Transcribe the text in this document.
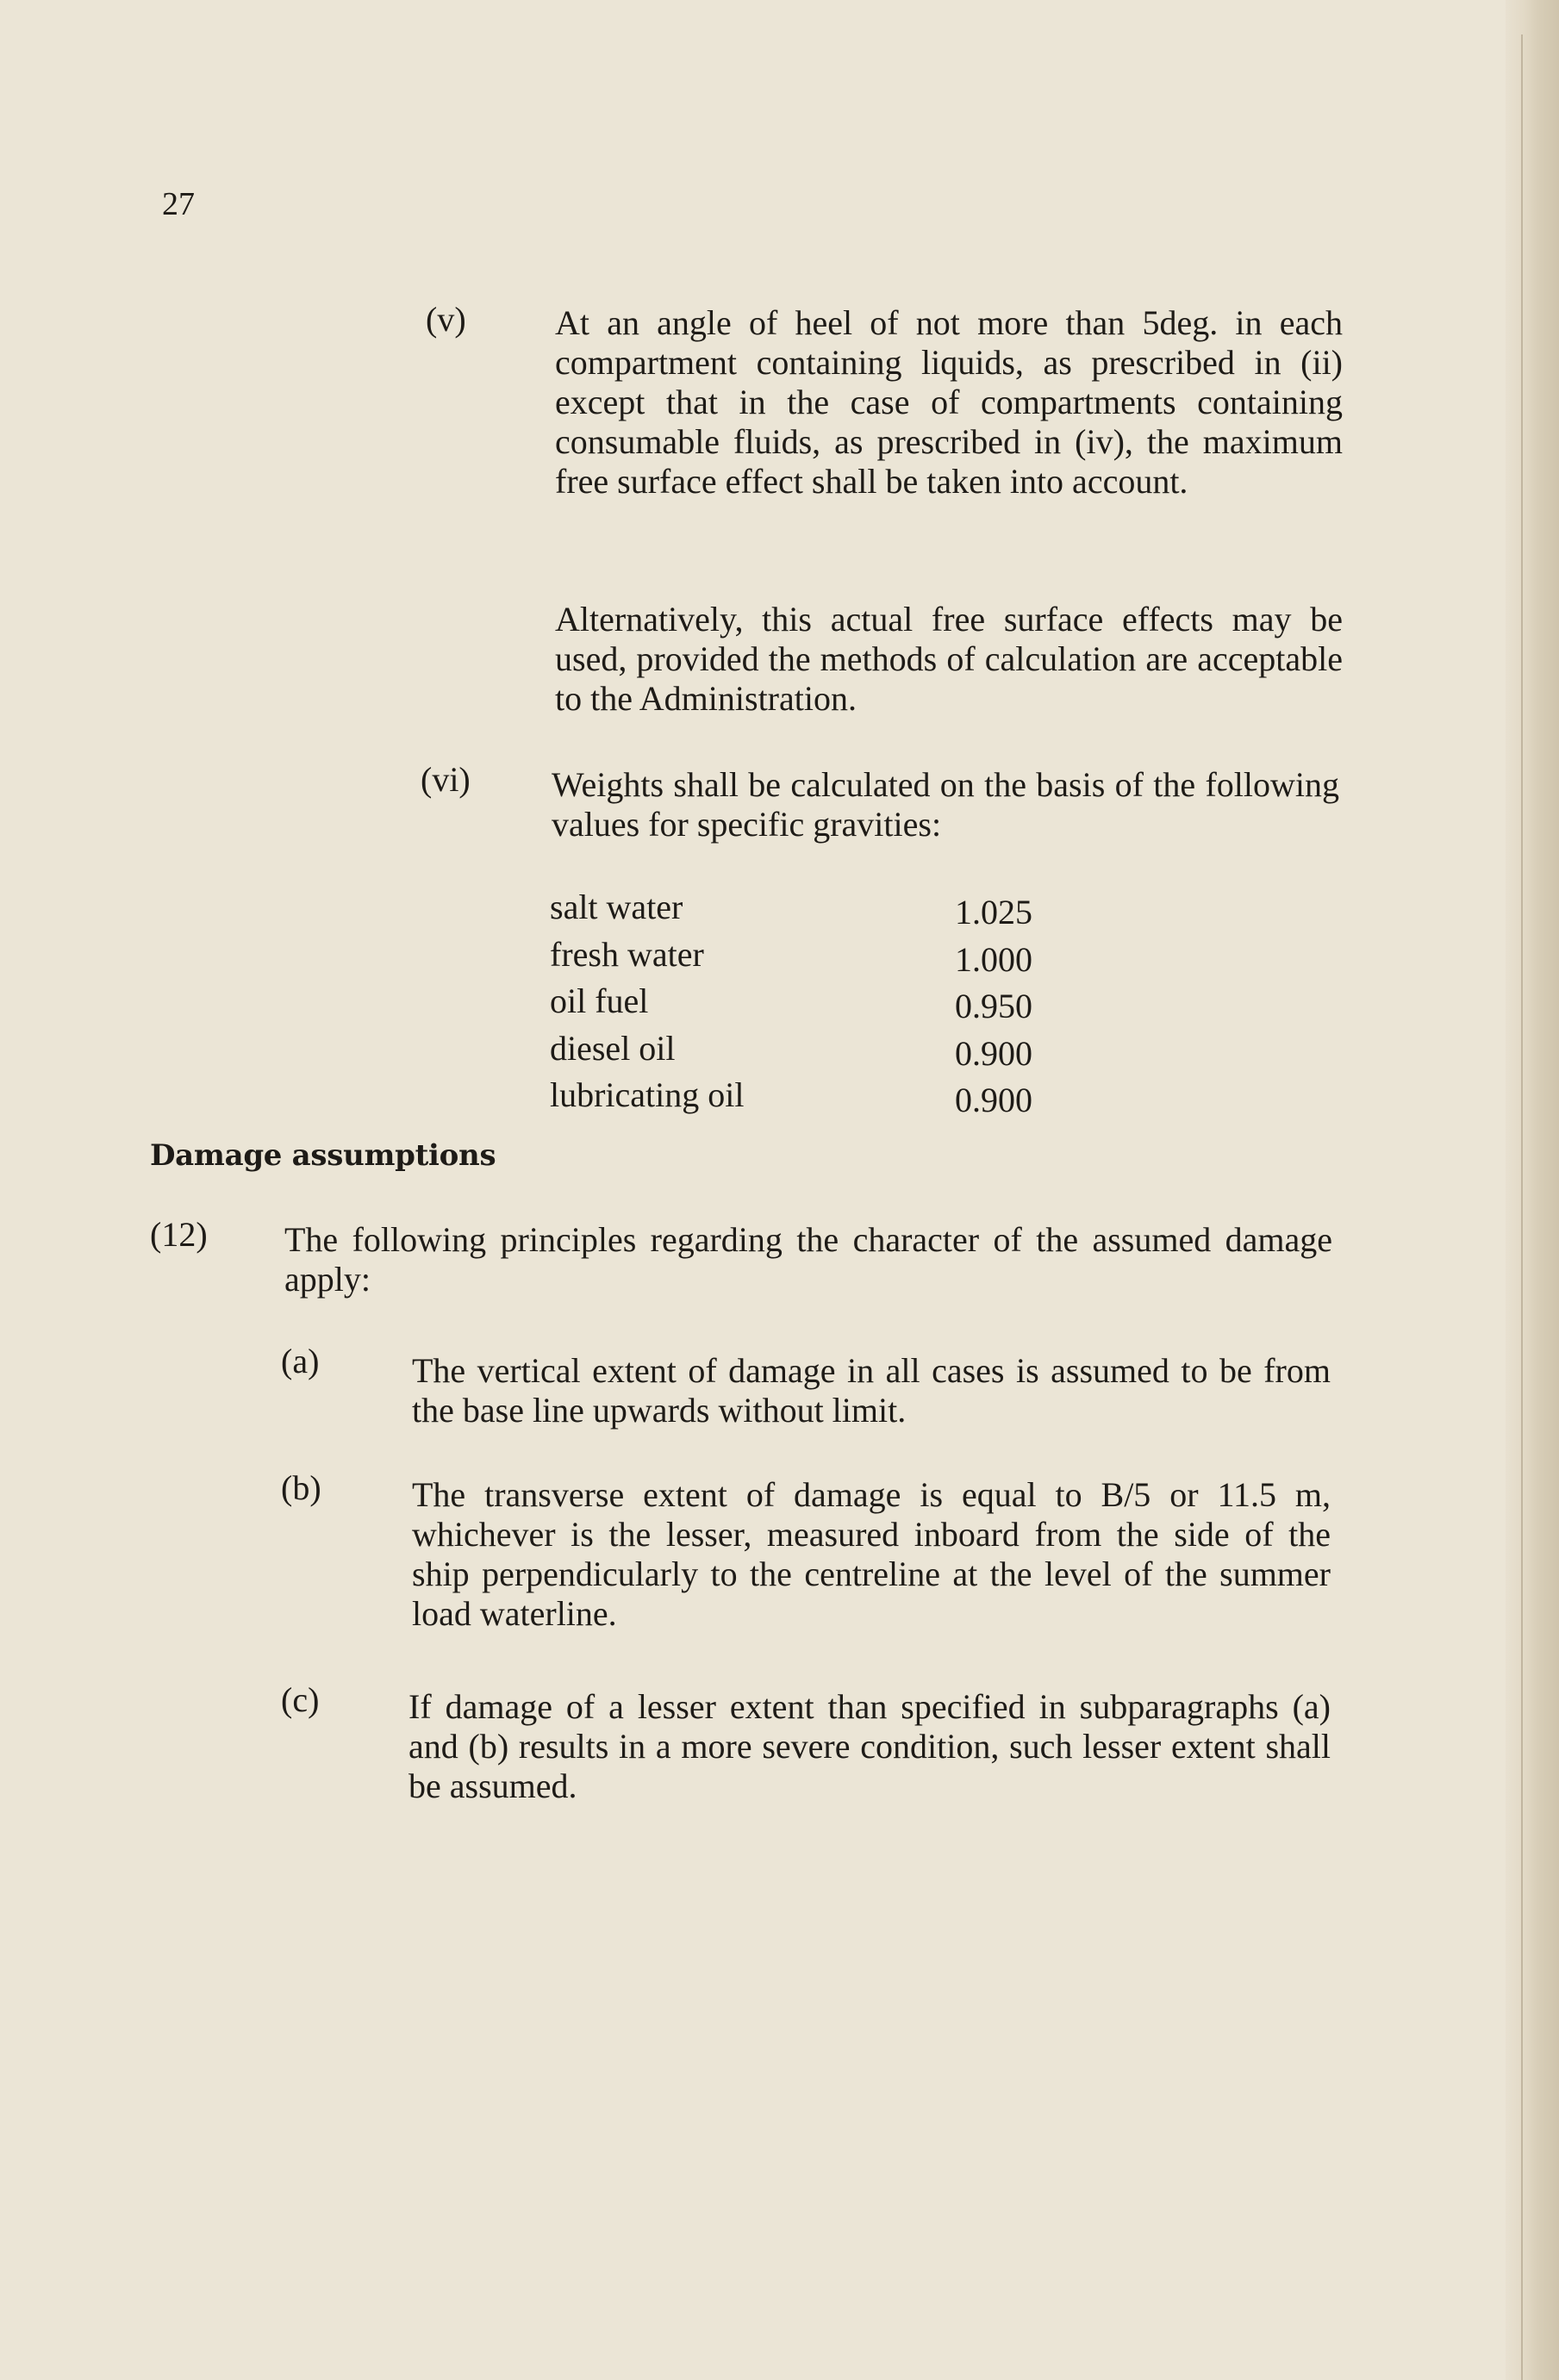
27
(v)	At an angle of heel of not more than 5deg. in each compartment containing liquids, as prescribed in (ii) except that in the case of compartments containing consumable fluids, as prescribed in (iv), the maximum free surface effect shall be taken into account.
Alternatively, this actual free surface effects may be used, provided the methods of calculation are acceptable to the Administration.
(vi) Weights shall be calculated on the basis of the following values for specific gravities:
salt water	1.025
fresh water	1.000
oil fuel	0.950
diesel oil	0.900
lubricating oil	0.900
Damage assumptions
(12) The following principles regarding the character of the assumed damage apply:
(a)	The vertical extent of damage in all cases is assumed to be from the base line upwards without limit.
(b)	The transverse extent of damage is equal to B/5 or 11.5 m, whichever is the lesser, measured inboard from the side of the ship perpendicularly to the centreline at the level of the summer load waterline.
(c)	If damage of a lesser extent than specified in subparagraphs (a) and (b) results in a more severe condition, such lesser extent shall be assumed.
